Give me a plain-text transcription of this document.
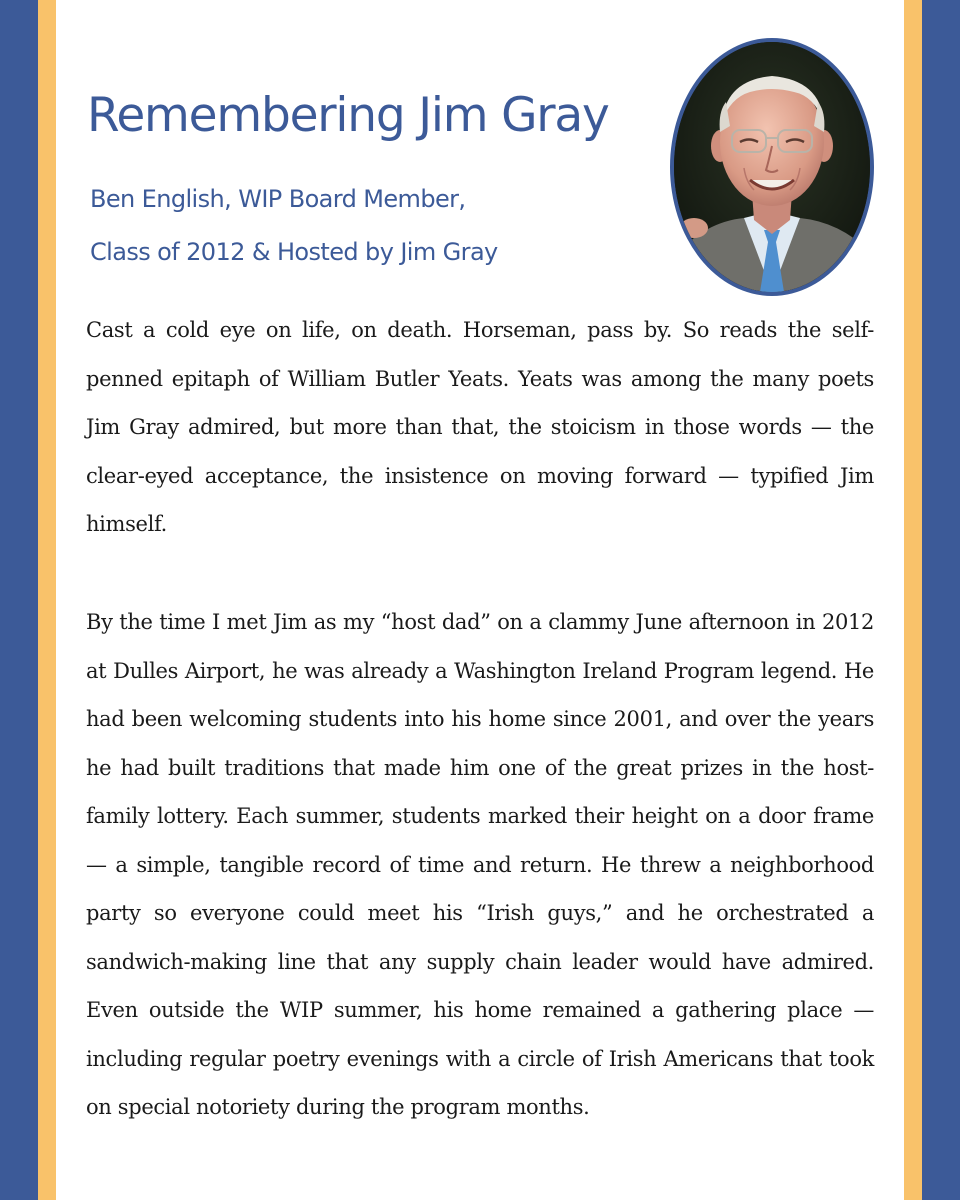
Remembering Jim Gray
Ben English, WIP Board Member,
Class of 2012 & Hosted by Jim Gray

Cast a cold eye on life, on death. Horseman, pass by. So reads the self-penned epitaph of William Butler Yeats. Yeats was among the many poets Jim Gray admired, but more than that, the stoicism in those words — the clear-eyed acceptance, the insistence on moving forward — typified Jim himself.

By the time I met Jim as my “host dad” on a clammy June afternoon in 2012 at Dulles Airport, he was already a Washington Ireland Program legend. He had been welcoming students into his home since 2001, and over the years he had built traditions that made him one of the great prizes in the host-family lottery. Each summer, students marked their height on a door frame — a simple, tangible record of time and return. He threw a neighborhood party so everyone could meet his “Irish guys,” and he orchestrated a sandwich-making line that any supply chain leader would have admired. Even outside the WIP summer, his home remained a gathering place — including regular poetry evenings with a circle of Irish Americans that took on special notoriety during the program months.
